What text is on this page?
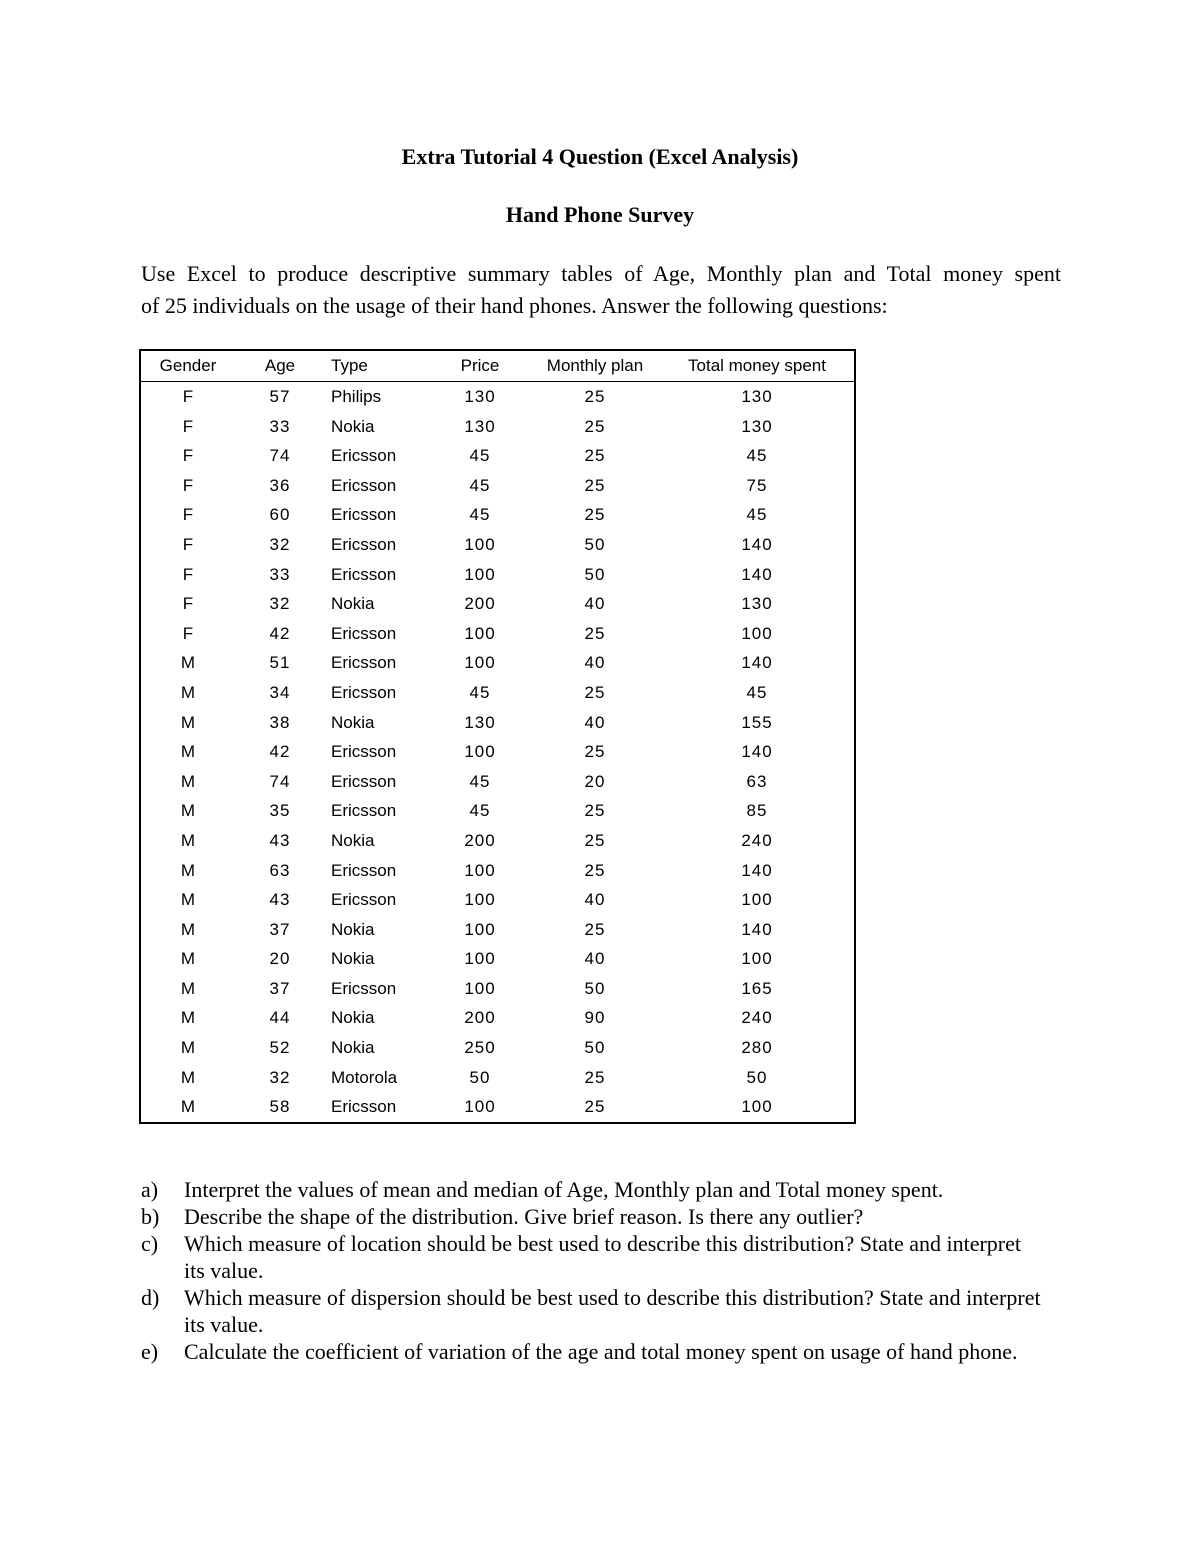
Extra Tutorial 4 Question (Excel Analysis)
Hand Phone Survey

Use Excel to produce descriptive summary tables of Age, Monthly plan and Total money spent

of 25 individuals on the usage of their hand phones. Answer the following questions:

Gender	Age	Type	Price	Monthly plan	Total money spent
F	57	Philips	130	25	130
F	33	Nokia	130	25	130
F	74	Ericsson	45	25	45
F	36	Ericsson	45	25	75
F	60	Ericsson	45	25	45
F	32	Ericsson	100	50	140
F	33	Ericsson	100	50	140
F	32	Nokia	200	40	130
F	42	Ericsson	100	25	100
M	51	Ericsson	100	40	140
M	34	Ericsson	45	25	45
M	38	Nokia	130	40	155
M	42	Ericsson	100	25	140
M	74	Ericsson	45	20	63
M	35	Ericsson	45	25	85
M	43	Nokia	200	25	240
M	63	Ericsson	100	25	140
M	43	Ericsson	100	40	100
M	37	Nokia	100	25	140
M	20	Nokia	100	40	100
M	37	Ericsson	100	50	165
M	44	Nokia	200	90	240
M	52	Nokia	250	50	280
M	32	Motorola	50	25	50
M	58	Ericsson	100	25	100
a)	Interpret the values of mean and median of Age, Monthly plan and Total money spent.
b)	Describe the shape of the distribution. Give brief reason. Is there any outlier?
c)	Which measure of location should be best used to describe this distribution? State and interpret its value.
d)	Which measure of dispersion should be best used to describe this distribution? State and interpret its value.
e)	Calculate the coefficient of variation of the age and total money spent on usage of hand phone.
